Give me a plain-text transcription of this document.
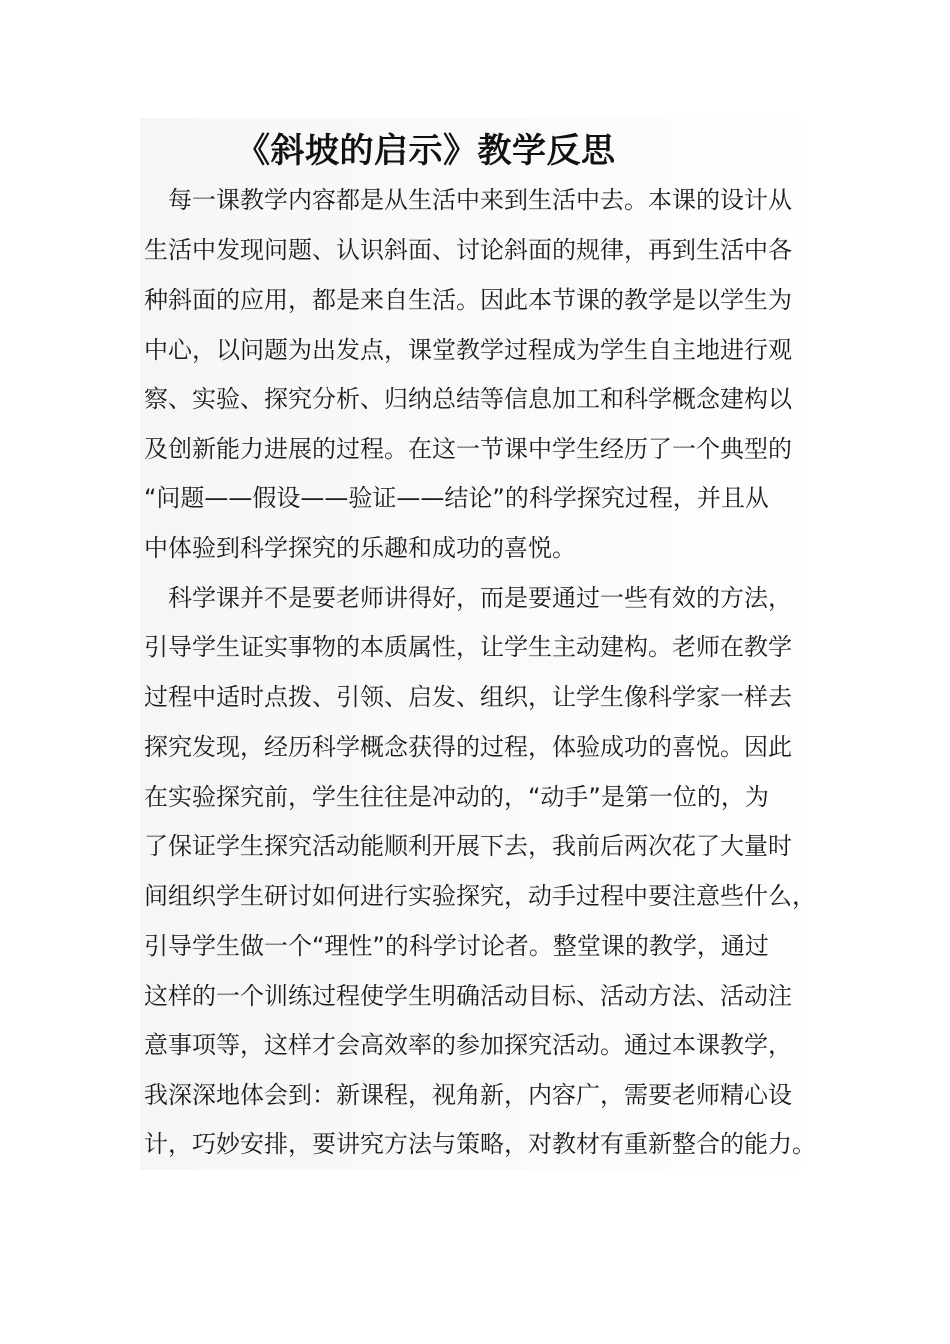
《斜坡的启示》教学反思

　每一课教学内容都是从生活中来到生活中去。本课的设计从

生活中发现问题、认识斜面、讨论斜面的规律，再到生活中各

种斜面的应用，都是来自生活。因此本节课的教学是以学生为

中心，以问题为出发点，课堂教学过程成为学生自主地进行观

察、实验、探究分析、归纳总结等信息加工和科学概念建构以

及创新能力进展的过程。在这一节课中学生经历了一个典型的

“问题——假设——验证——结论”的科学探究过程，并且从

中体验到科学探究的乐趣和成功的喜悦。

　科学课并不是要老师讲得好，而是要通过一些有效的方法，

引导学生证实事物的本质属性，让学生主动建构。老师在教学

过程中适时点拨、引领、启发、组织，让学生像科学家一样去

探究发现，经历科学概念获得的过程，体验成功的喜悦。因此

在实验探究前，学生往往是冲动的，“动手”是第一位的，为

了保证学生探究活动能顺利开展下去，我前后两次花了大量时

间组织学生研讨如何进行实验探究，动手过程中要注意些什么，

引导学生做一个“理性”的科学讨论者。整堂课的教学，通过

这样的一个训练过程使学生明确活动目标、活动方法、活动注

意事项等，这样才会高效率的参加探究活动。通过本课教学，

我深深地体会到：新课程，视角新，内容广，需要老师精心设

计，巧妙安排，要讲究方法与策略，对教材有重新整合的能力。
